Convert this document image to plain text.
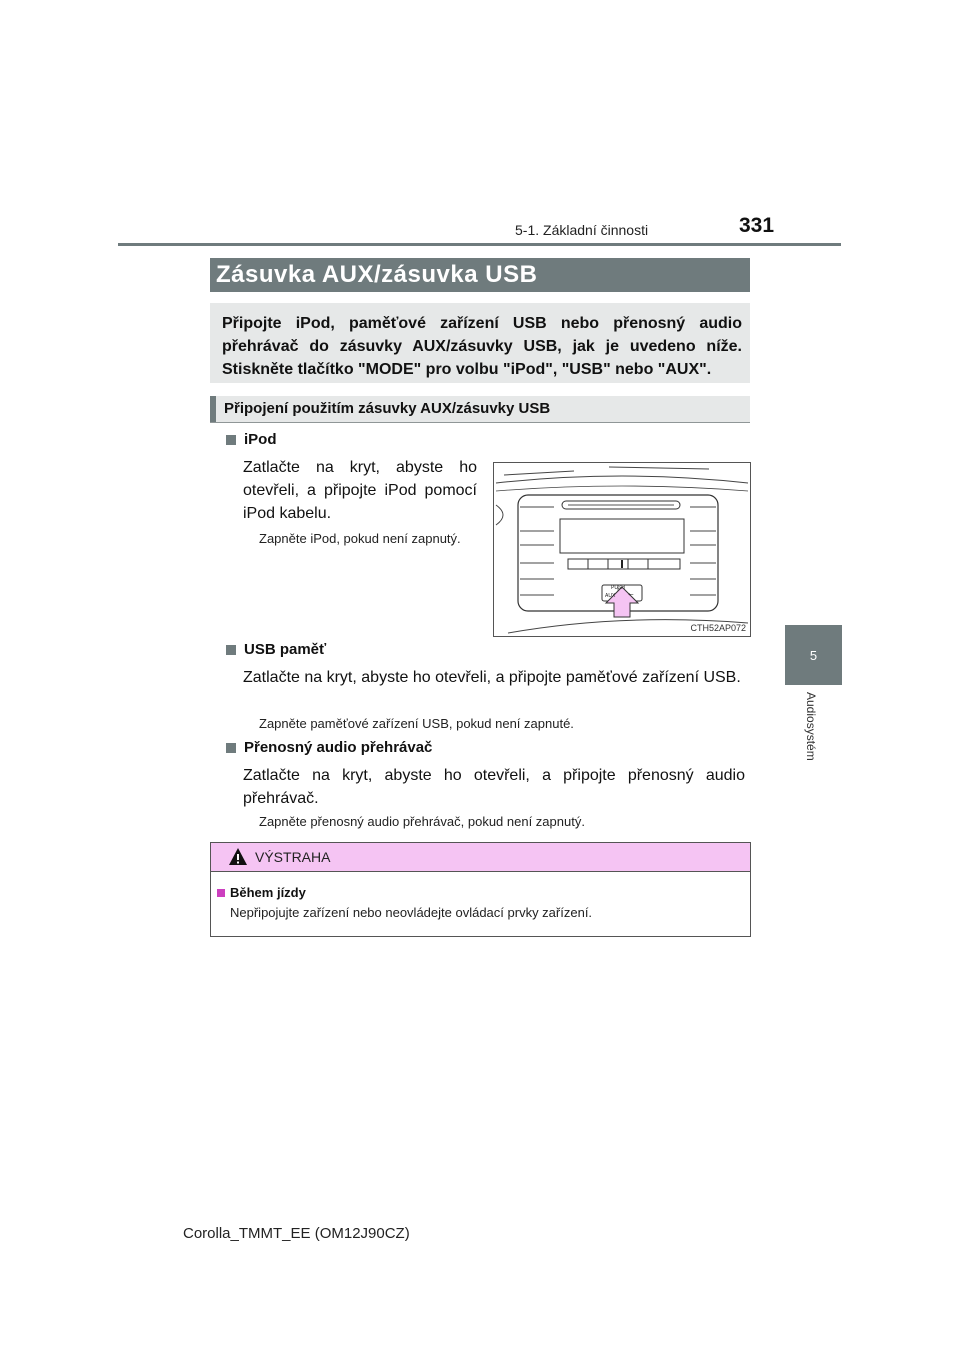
5-1. Základní činnosti	331
5
Audiosystém
Zásuvka AUX/zásuvka USB
Připojte iPod, paměťové zařízení USB nebo přenosný audio přehrávač do zásuvky AUX/zásuvky USB, jak je uvedeno níže. Stiskněte tlačítko "MODE" pro volbu "iPod", "USB" nebo "AUX".
Připojení použitím zásuvky AUX/zásuvky USB
iPod
Zatlačte na kryt, abyste ho otevřeli, a připojte iPod pomocí iPod kabelu.
Zapněte iPod, pokud není zapnutý.
PUSH
AUX ⭠
CTH52AP072
USB paměť
Zatlačte na kryt, abyste ho otevřeli, a připojte paměťové zařízení USB.
Zapněte paměťové zařízení USB, pokud není zapnuté.
Přenosný audio přehrávač
Zatlačte na kryt, abyste ho otevřeli, a připojte přenosný audio přehrávač.
Zapněte přenosný audio přehrávač, pokud není zapnutý.
VÝSTRAHA
Během jízdy
Nepřipojujte zařízení nebo neovládejte ovládací prvky zařízení.
Corolla_TMMT_EE (OM12J90CZ)
